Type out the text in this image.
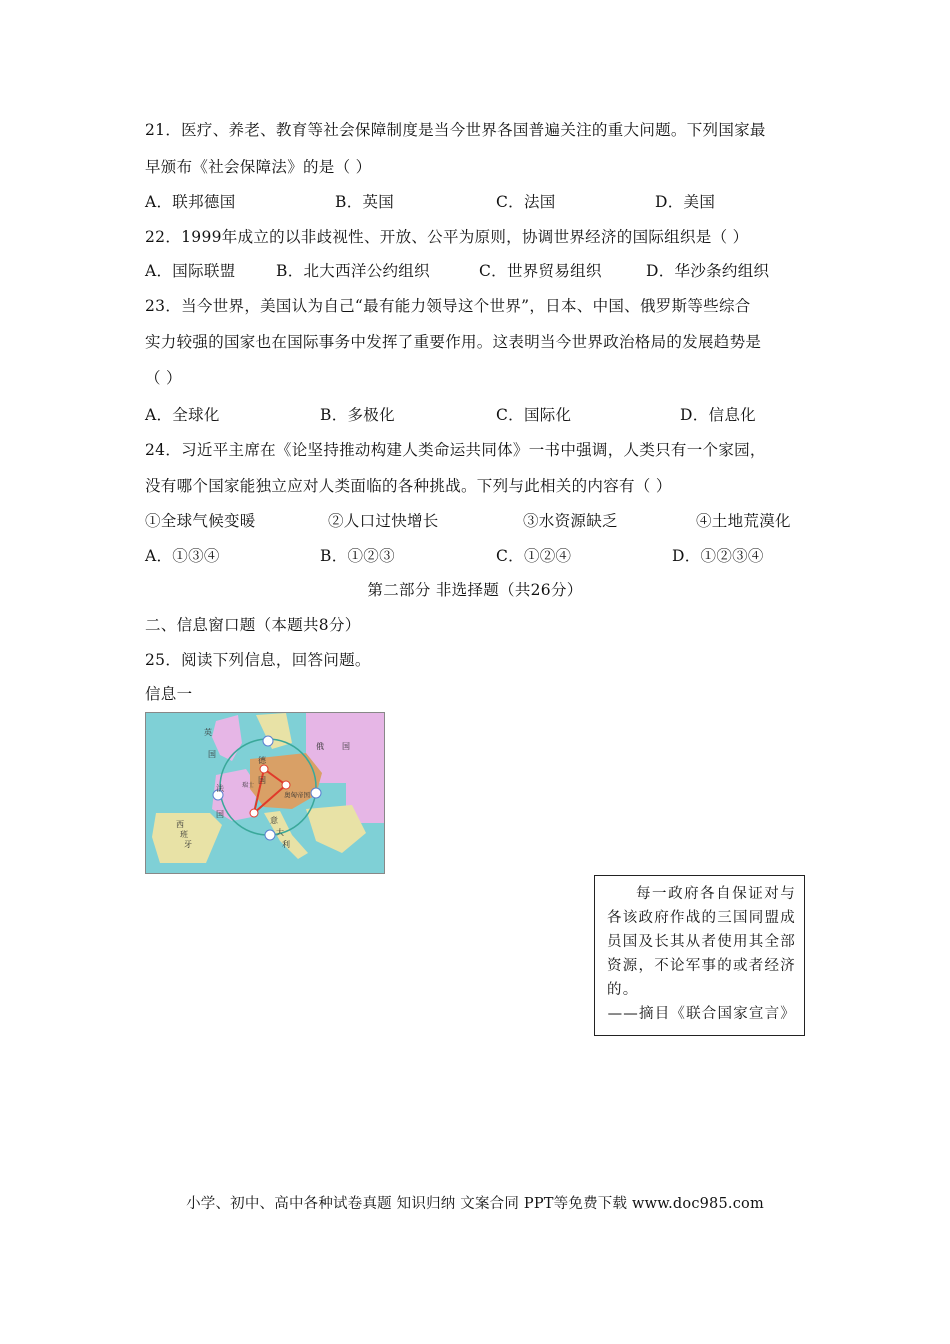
21．医疗、养老、教育等社会保障制度是当今世界各国普遍关注的重大问题。下列国家最
早颁布《社会保障法》的是（ ）
A．联邦德国	B．英国	C．法国	D．美国
22．1999年成立的以非歧视性、开放、公平为原则，协调世界经济的国际组织是（ ）
A．国际联盟	B．北大西洋公约组织	C．世界贸易组织	D．华沙条约组织
23．当今世界，美国认为自己“最有能力领导这个世界”，日本、中国、俄罗斯等些综合
实力较强的国家也在国际事务中发挥了重要作用。这表明当今世界政治格局的发展趋势是
（ ）
A．全球化	B．多极化	C．国际化	D．信息化
24．习近平主席在《论坚持推动构建人类命运共同体》一书中强调，人类只有一个家园，
没有哪个国家能独立应对人类面临的各种挑战。下列与此相关的内容有（ ）
①全球气候变暖	②人口过快增长	③水资源缺乏	④土地荒漠化
A．①③④	B．①②③	C．①②④	D．①②③④
第二部分 非选择题（共26分）
二、信息窗口题（本题共8分）
25．阅读下列信息，回答问题。
信息一
英
国
法
国
德
国
俄 国
奥匈帝国
意
大
利
西
班
牙
瑞士
每一政府各自保证对与各该政府作战的三国同盟成员国及长其从者使用其全部资源，不论军事的或者经济的。
——摘目《联合国家宣言》
小学、初中、高中各种试卷真题 知识归纳 文案合同 PPT等免费下载 www.doc985.com
